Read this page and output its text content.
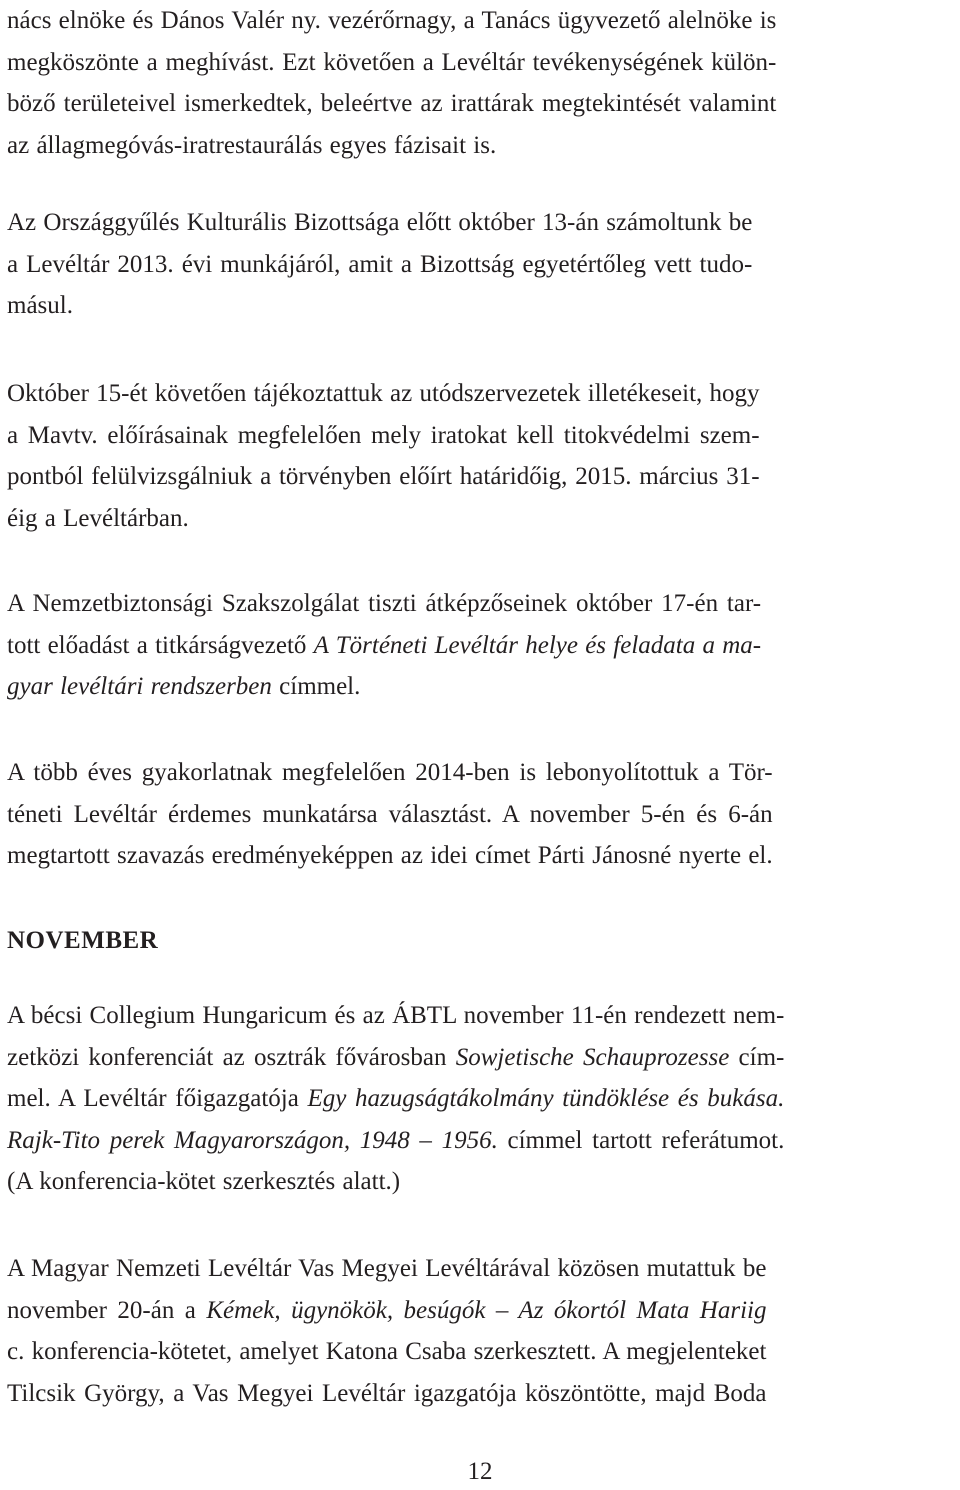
nács elnöke és Dános Valér ny. vezérőrnagy, a Tanács ügyvezető alelnöke is
megköszönte a meghívást. Ezt követően a Levéltár tevékenységének külön-
böző területeivel ismerkedtek, beleértve az irattárak megtekintését valamint
az állagmegóvás-iratrestaurálás egyes fázisait is.

Az Országgyűlés Kulturális Bizottsága előtt október 13-án számoltunk be
a Levéltár 2013. évi munkájáról, amit a Bizottság egyetértőleg vett tudo-
másul.

Október 15-ét követően tájékoztattuk az utódszervezetek illetékeseit, hogy
a Mavtv. előírásainak megfelelően mely iratokat kell titokvédelmi szem-
pontból felülvizsgálniuk a törvényben előírt határidőig, 2015. március 31-
éig a Levéltárban.

A Nemzetbiztonsági Szakszolgálat tiszti átképzőseinek október 17-én tar-
tott előadást a titkárságvezető A Történeti Levéltár helye és feladata a ma-
gyar levéltári rendszerben címmel.

A több éves gyakorlatnak megfelelően 2014-ben is lebonyolítottuk a Tör-
téneti Levéltár érdemes munkatársa választást. A november 5-én és 6-án
megtartott szavazás eredményeképpen az idei címet Párti Jánosné nyerte el.

NOVEMBER

A bécsi Collegium Hungaricum és az ÁBTL november 11-én rendezett nem-
zetközi konferenciát az osztrák fővárosban Sowjetische Schauprozesse cím-
mel. A Levéltár főigazgatója Egy hazugságtákolmány tündöklése és bukása.
Rajk-Tito perek Magyarországon, 1948 – 1956. címmel tartott referátumot.
(A konferencia-kötet szerkesztés alatt.)

A Magyar Nemzeti Levéltár Vas Megyei Levéltárával közösen mutattuk be
november 20-án a Kémek, ügynökök, besúgók – Az ókortól Mata Hariig
c. konferencia-kötetet, amelyet Katona Csaba szerkesztett. A megjelenteket
Tilcsik György, a Vas Megyei Levéltár igazgatója köszöntötte, majd Boda

12
